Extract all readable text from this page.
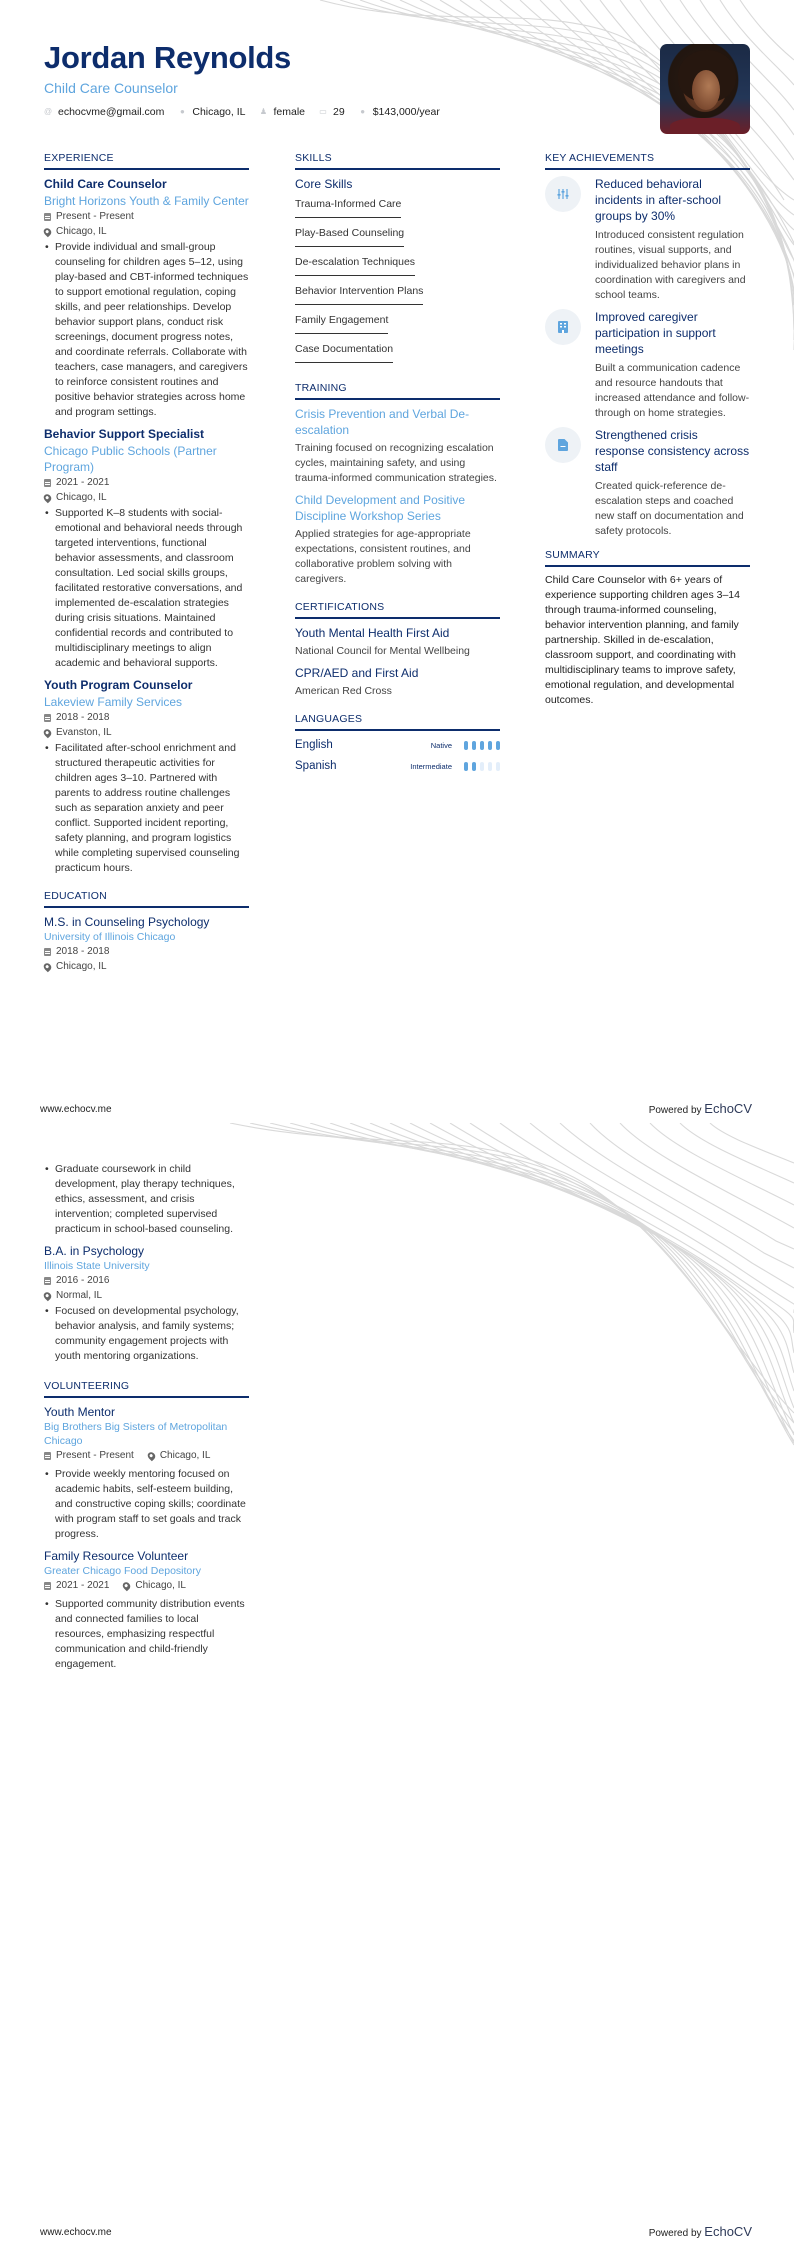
Jordan Reynolds
Child Care Counselor
@ echocvme@gmail.com ● Chicago, IL ♟ female ▭ 29 ● $143,000/year
EXPERIENCE
Child Care Counselor
Bright Horizons Youth & Family Center
Present - Present
Chicago, IL
• Provide individual and small-group counseling for children ages 5–12, using play-based and CBT-informed techniques to support emotional regulation, coping skills, and peer relationships. Develop behavior support plans, conduct risk screenings, document progress notes, and coordinate referrals. Collaborate with teachers, case managers, and caregivers to reinforce consistent routines and positive behavior strategies across home and program settings.
Behavior Support Specialist
Chicago Public Schools (Partner Program)
2021 - 2021
Chicago, IL
• Supported K–8 students with social-emotional and behavioral needs through targeted interventions, functional behavior assessments, and classroom consultation. Led social skills groups, facilitated restorative conversations, and implemented de-escalation strategies during crisis situations. Maintained confidential records and contributed to multidisciplinary meetings to align academic and behavioral supports.
Youth Program Counselor
Lakeview Family Services
2018 - 2018
Evanston, IL
• Facilitated after-school enrichment and structured therapeutic activities for children ages 3–10. Partnered with parents to address routine challenges such as separation anxiety and peer conflict. Supported incident reporting, safety planning, and program logistics while completing supervised counseling practicum hours.
EDUCATION
M.S. in Counseling Psychology
University of Illinois Chicago
2018 - 2018
Chicago, IL
SKILLS
Core Skills
Trauma-Informed Care
Play-Based Counseling
De-escalation Techniques
Behavior Intervention Plans
Family Engagement
Case Documentation
TRAINING
Crisis Prevention and Verbal De-escalation
Training focused on recognizing escalation cycles, maintaining safety, and using trauma-informed communication strategies.
Child Development and Positive Discipline Workshop Series
Applied strategies for age-appropriate expectations, consistent routines, and collaborative problem solving with caregivers.
CERTIFICATIONS
Youth Mental Health First Aid
National Council for Mental Wellbeing
CPR/AED and First Aid
American Red Cross
LANGUAGES
English	Native
Spanish	Intermediate
KEY ACHIEVEMENTS
Reduced behavioral incidents in after-school groups by 30%
Introduced consistent regulation routines, visual supports, and individualized behavior plans in coordination with caregivers and school teams.
Improved caregiver participation in support meetings
Built a communication cadence and resource handouts that increased attendance and follow-through on home strategies.
Strengthened crisis response consistency across staff
Created quick-reference de-escalation steps and coached new staff on documentation and safety protocols.
SUMMARY
Child Care Counselor with 6+ years of experience supporting children ages 3–14 through trauma-informed counseling, behavior intervention planning, and family partnership. Skilled in de-escalation, classroom support, and coordinating with multidisciplinary teams to improve safety, emotional regulation, and developmental outcomes.
www.echocv.me	Powered by EchoCV
• Graduate coursework in child development, play therapy techniques, ethics, assessment, and crisis intervention; completed supervised practicum in school-based counseling.
B.A. in Psychology
Illinois State University
2016 - 2016
Normal, IL
• Focused on developmental psychology, behavior analysis, and family systems; community engagement projects with youth mentoring organizations.
VOLUNTEERING
Youth Mentor
Big Brothers Big Sisters of Metropolitan Chicago
Present - Present	Chicago, IL
• Provide weekly mentoring focused on academic habits, self-esteem building, and constructive coping skills; coordinate with program staff to set goals and track progress.
Family Resource Volunteer
Greater Chicago Food Depository
2021 - 2021	Chicago, IL
• Supported community distribution events and connected families to local resources, emphasizing respectful communication and child-friendly engagement.
www.echocv.me	Powered by EchoCV
